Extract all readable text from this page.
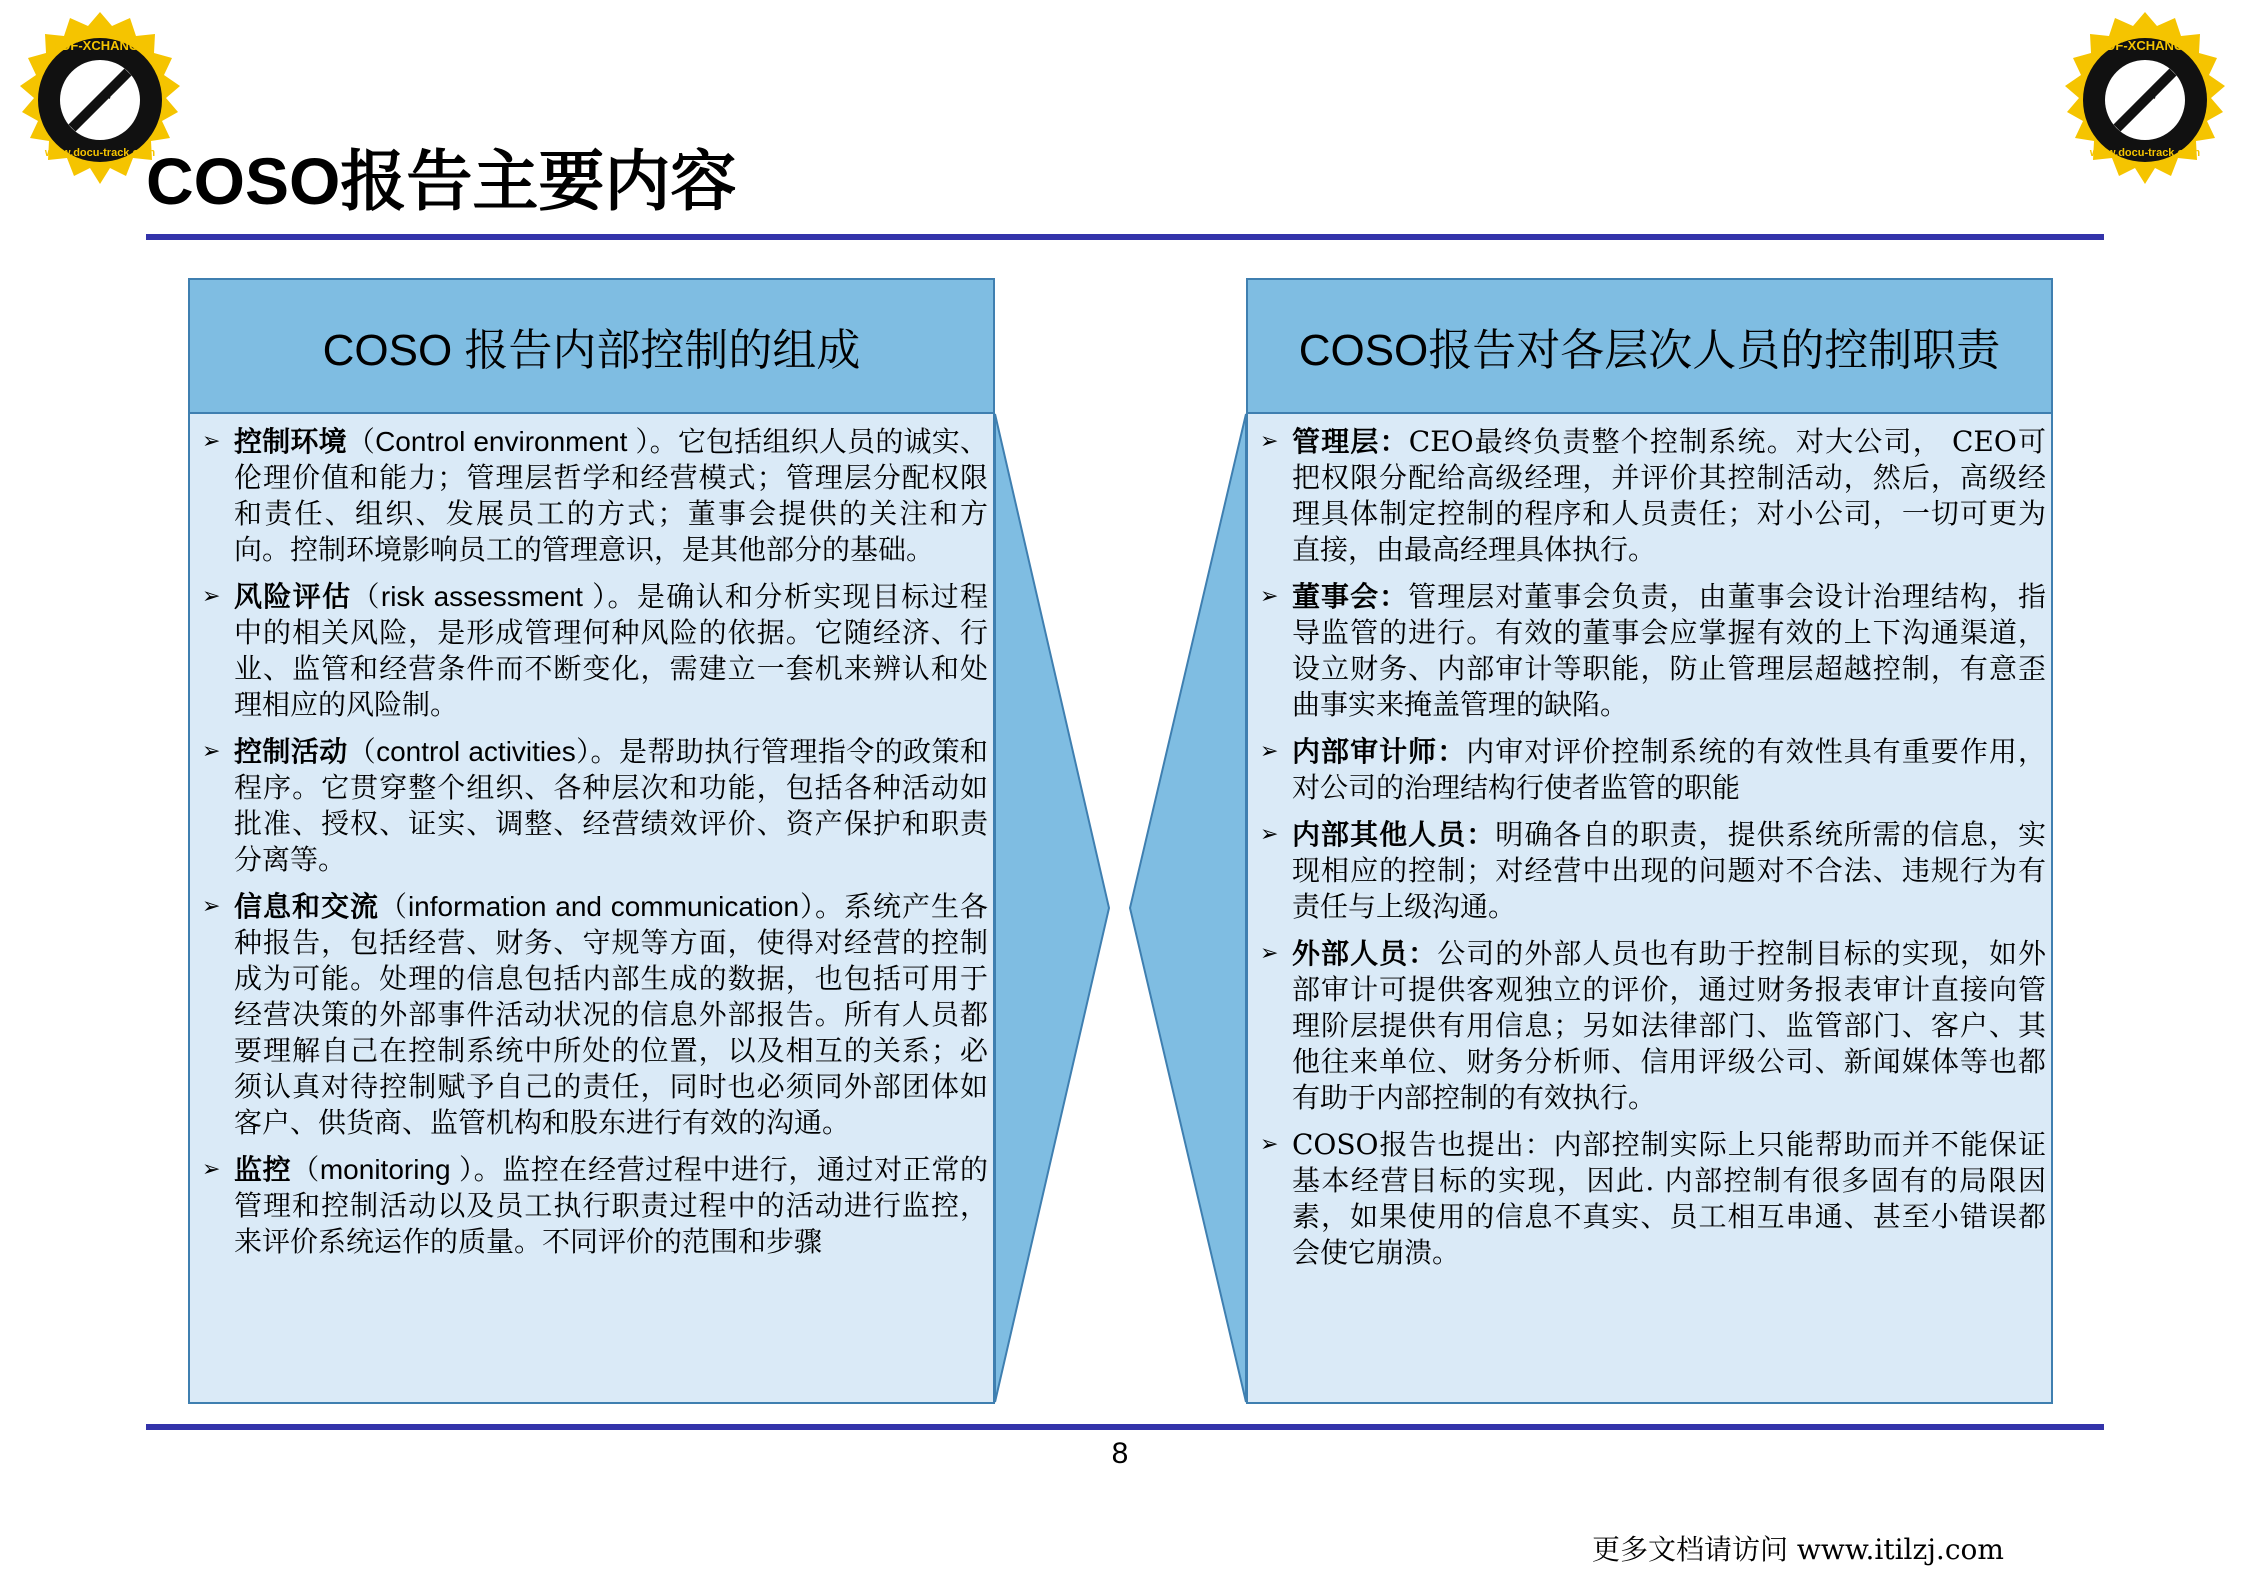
PDF-XCHANGE
Click to buy NOW!
www.docu-track.com
PDF-XCHANGE
Click to buy NOW!
www.docu-track.com
COSO报告主要内容
COSO 报告内部控制的组成
➢ 控制环境（Control environment ）。它包括组织人员的诚实、伦理价值和能力；管理层哲学和经营模式；管理层分配权限和责任、组织、发展员工的方式；董事会提供的关注和方向。控制环境影响员工的管理意识，是其他部分的基础。
➢ 风险评估（risk assessment ）。是确认和分析实现目标过程中的相关风险，是形成管理何种风险的依据。它随经济、行业、监管和经营条件而不断变化，需建立一套机来辨认和处理相应的风险制。
➢ 控制活动（control activities）。是帮助执行管理指令的政策和程序。它贯穿整个组织、各种层次和功能，包括各种活动如批准、授权、证实、调整、经营绩效评价、资产保护和职责分离等。
➢ 信息和交流（information and communication）。系统产生各种报告，包括经营、财务、守规等方面，使得对经营的控制成为可能。处理的信息包括内部生成的数据，也包括可用于经营决策的外部事件活动状况的信息外部报告。所有人员都要理解自己在控制系统中所处的位置，以及相互的关系；必须认真对待控制赋予自己的责任，同时也必须同外部团体如客户、供货商、监管机构和股东进行有效的沟通。
➢ 监控（monitoring ）。监控在经营过程中进行，通过对正常的管理和控制活动以及员工执行职责过程中的活动进行监控，来评价系统运作的质量。不同评价的范围和步骤
COSO报告对各层次人员的控制职责
➢ 管理层：CEO最终负责整个控制系统。对大公司， CEO可把权限分配给高级经理，并评价其控制活动，然后，高级经理具体制定控制的程序和人员责任；对小公司，一切可更为直接，由最高经理具体执行。
➢ 董事会：管理层对董事会负责，由董事会设计治理结构，指导监管的进行。有效的董事会应掌握有效的上下沟通渠道，设立财务、内部审计等职能，防止管理层超越控制，有意歪曲事实来掩盖管理的缺陷。
➢ 内部审计师：内审对评价控制系统的有效性具有重要作用，对公司的治理结构行使者监管的职能
➢ 内部其他人员：明确各自的职责，提供系统所需的信息，实现相应的控制；对经营中出现的问题对不合法、违规行为有责任与上级沟通。
➢ 外部人员：公司的外部人员也有助于控制目标的实现，如外部审计可提供客观独立的评价，通过财务报表审计直接向管理阶层提供有用信息；另如法律部门、监管部门、客户、其他往来单位、财务分析师、信用评级公司、新闻媒体等也都有助于内部控制的有效执行。
➢ COSO报告也提出：内部控制实际上只能帮助而并不能保证基本经营目标的实现，因此. 内部控制有很多固有的局限因素，如果使用的信息不真实、员工相互串通、甚至小错误都会使它崩溃。
8
更多文档请访问 www.itilzj.com
